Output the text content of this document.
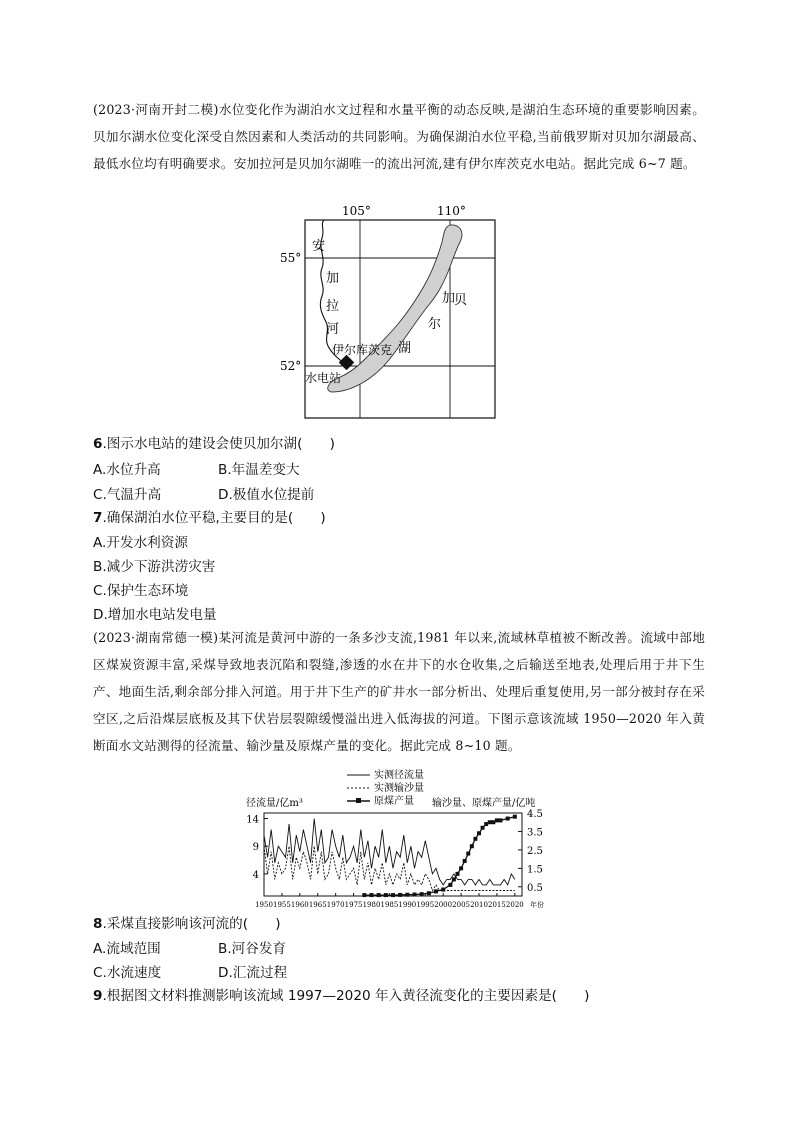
(2023·河南开封二模)水位变化作为湖泊水文过程和水量平衡的动态反映,是湖泊生态环境的重要影响因素。贝加尔湖水位变化深受自然因素和人类活动的共同影响。为确保湖泊水位平稳,当前俄罗斯对贝加尔湖最高、最低水位均有明确要求。安加拉河是贝加尔湖唯一的流出河流,建有伊尔库茨克水电站。据此完成 6~7 题。
105°	110°
55°
52°
安
加
拉
河
伊尔库茨克
水电站
贝
加
尔
湖
6.图示水电站的建设会使贝加尔湖(　　)
A.水位升高	B.年温差变大
C.气温升高	D.极值水位提前
7.确保湖泊水位平稳,主要目的是(　　)
A.开发水利资源
B.减少下游洪涝灾害
C.保护生态环境
D.增加水电站发电量
(2023·湖南常德一模)某河流是黄河中游的一条多沙支流,1981 年以来,流域林草植被不断改善。流域中部地区煤炭资源丰富,采煤导致地表沉陷和裂缝,渗透的水在井下的水仓收集,之后输送至地表,处理后用于井下生产、地面生活,剩余部分排入河道。用于井下生产的矿井水一部分析出、处理后重复使用,另一部分被封存在采空区,之后沿煤层底板及其下伏岩层裂隙缓慢溢出进入低海拔的河道。下图示意该流域 1950—2020 年入黄断面水文站测得的径流量、输沙量及原煤产量的变化。据此完成 8~10 题。
实测径流量
实测输沙量
原煤产量
径流量/亿m³	输沙量、原煤产量/亿吨
14
9
4
4.5
3.5
2.5
1.5
0.5
1950 1955 1960 1965 1970 1975 1980 1985 1990 1995 2000 2005 2010 2015 2020 年份
8.采煤直接影响该河流的(　　)
A.流域范围	B.河谷发育
C.水流速度	D.汇流过程
9.根据图文材料推测影响该流域 1997—2020 年入黄径流变化的主要因素是(　　)
